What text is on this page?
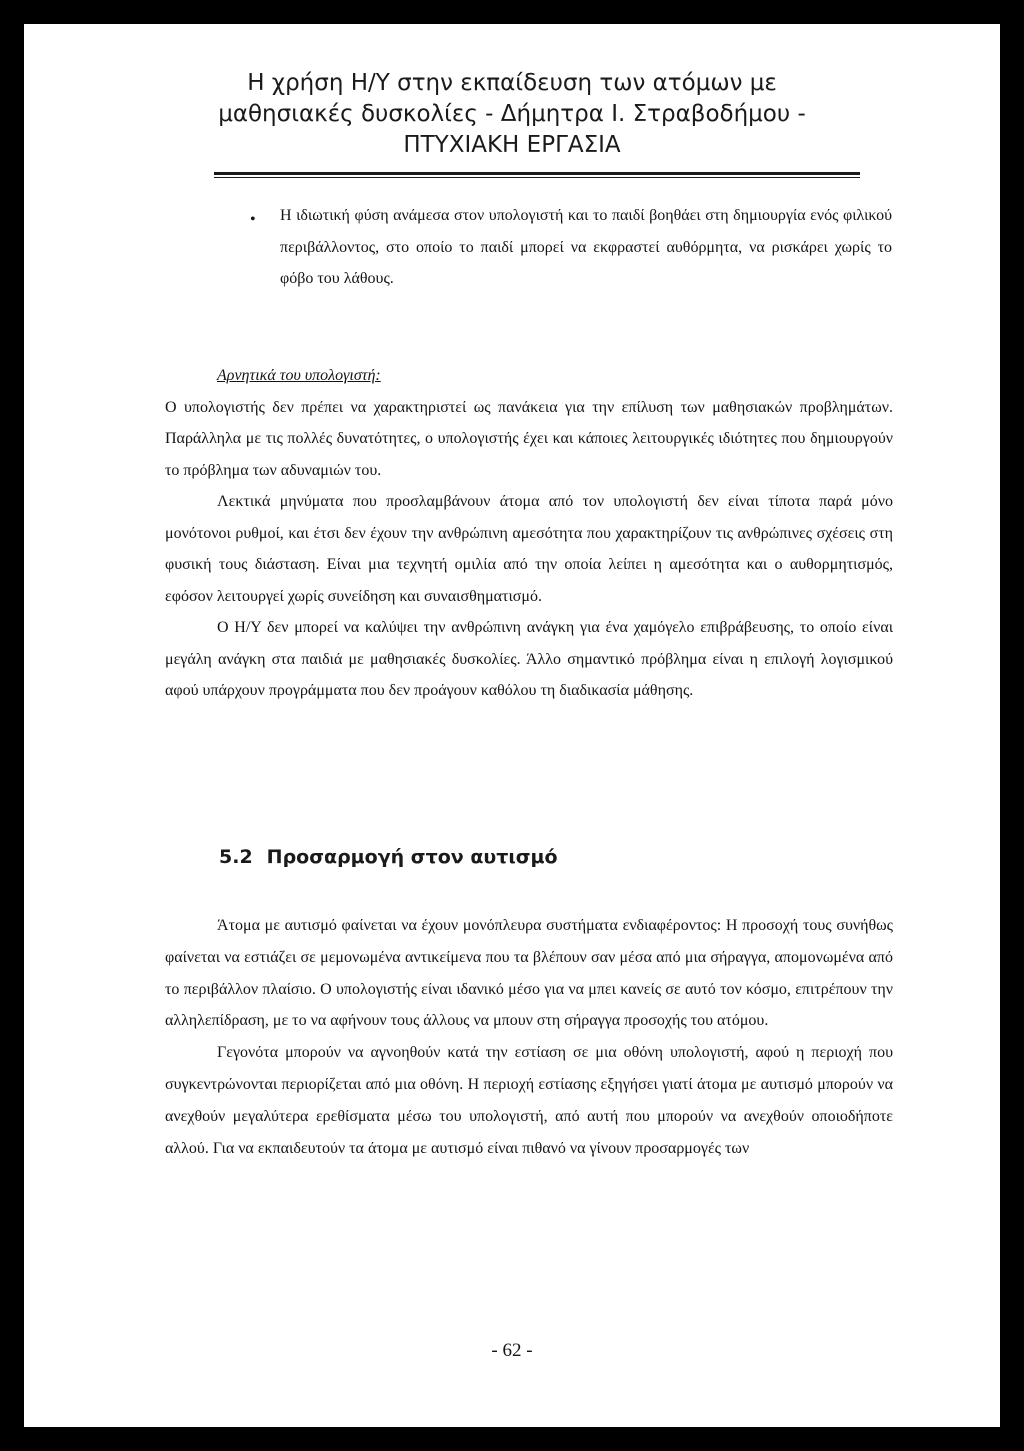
Η χρήση Η/Υ στην εκπαίδευση των ατόμων με
μαθησιακές δυσκολίες - Δήμητρα Ι. Στραβοδήμου -
ΠΤΥΧΙΑΚΗ ΕΡΓΑΣΙΑ
• Η ιδιωτική φύση ανάμεσα στον υπολογιστή και το παιδί βοηθάει στη δημιουργία ενός φιλικού περιβάλλοντος, στο οποίο το παιδί μπορεί να εκφραστεί αυθόρμητα, να ρισκάρει χωρίς το φόβο του λάθους.

Αρνητικά του υπολογιστή:

Ο υπολογιστής δεν πρέπει να χαρακτηριστεί ως πανάκεια για την επίλυση των μαθησιακών προβλημάτων. Παράλληλα με τις πολλές δυνατότητες, ο υπολογιστής έχει και κάποιες λειτουργικές ιδιότητες που δημιουργούν το πρόβλημα των αδυναμιών του.

Λεκτικά μηνύματα που προσλαμβάνουν άτομα από τον υπολογιστή δεν είναι τίποτα παρά μόνο μονότονοι ρυθμοί, και έτσι δεν έχουν την ανθρώπινη αμεσότητα που χαρακτηρίζουν τις ανθρώπινες σχέσεις στη φυσική τους διάσταση. Είναι μια τεχνητή ομιλία από την οποία λείπει η αμεσότητα και ο αυθορμητισμός, εφόσον λειτουργεί χωρίς συνείδηση και συναισθηματισμό.

Ο Η/Υ δεν μπορεί να καλύψει την ανθρώπινη ανάγκη για ένα χαμόγελο επιβράβευσης, το οποίο είναι μεγάλη ανάγκη στα παιδιά με μαθησιακές δυσκολίες. Άλλο σημαντικό πρόβλημα είναι η επιλογή λογισμικού αφού υπάρχουν προγράμματα που δεν προάγουν καθόλου τη διαδικασία μάθησης.

5.2 Προσαρμογή στον αυτισμό

Άτομα με αυτισμό φαίνεται να έχουν μονόπλευρα συστήματα ενδιαφέροντος: Η προσοχή τους συνήθως φαίνεται να εστιάζει σε μεμονωμένα αντικείμενα που τα βλέπουν σαν μέσα από μια σήραγγα, απομονωμένα από το περιβάλλον πλαίσιο. Ο υπολογιστής είναι ιδανικό μέσο για να μπει κανείς σε αυτό τον κόσμο, επιτρέπουν την αλληλεπίδραση, με το να αφήνουν τους άλλους να μπουν στη σήραγγα προσοχής του ατόμου.

Γεγονότα μπορούν να αγνοηθούν κατά την εστίαση σε μια οθόνη υπολογιστή, αφού η περιοχή που συγκεντρώνονται περιορίζεται από μια οθόνη. Η περιοχή εστίασης εξηγήσει γιατί άτομα με αυτισμό μπορούν να ανεχθούν μεγαλύτερα ερεθίσματα μέσω του υπολογιστή, από αυτή που μπορούν να ανεχθούν οποιοδήποτε αλλού. Για να εκπαιδευτούν τα άτομα με αυτισμό είναι πιθανό να γίνουν προσαρμογές των

- 62 -
